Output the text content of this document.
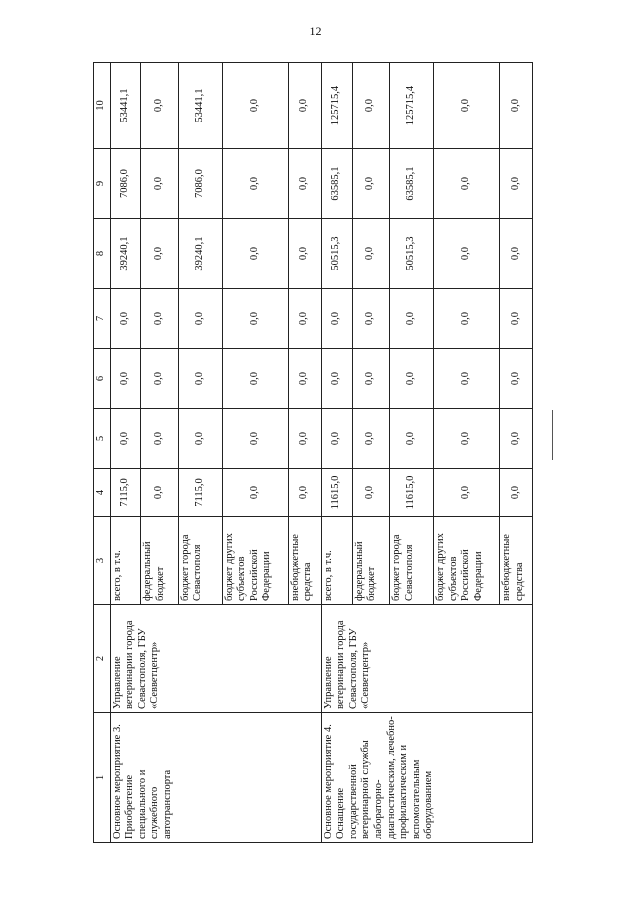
12
1	2	3	4	5	6	7	8	9	10
Основное мероприятие 3. Приобретение специального и служебного автотранспорта	Управление ветеринарии города Севастополя, ГБУ «Севветцентр»	всего, в т.ч.	7115,0	0,0	0,0	0,0	39240,1	7086,0	53441,1
		федеральный бюджет	0,0	0,0	0,0	0,0	0,0	0,0	0,0
		бюджет города Севастополя	7115,0	0,0	0,0	0,0	39240,1	7086,0	53441,1
		бюджет других субъектов Российской Федерации	0,0	0,0	0,0	0,0	0,0	0,0	0,0
		внебюджетные средства	0,0	0,0	0,0	0,0	0,0	0,0	0,0
Основное мероприятие 4. Оснащение государственной ветеринарной службы лабораторно-диагностическим, лечебно-профилактическим и вспомогательным оборудованием	Управление ветеринарии города Севастополя, ГБУ «Севветцентр»	всего, в т.ч.	11615,0	0,0	0,0	0,0	50515,3	63585,1	125715,4
		федеральный бюджет	0,0	0,0	0,0	0,0	0,0	0,0	0,0
		бюджет города Севастополя	11615,0	0,0	0,0	0,0	50515,3	63585,1	125715,4
		бюджет других субъектов Российской Федерации	0,0	0,0	0,0	0,0	0,0	0,0	0,0
		внебюджетные средства	0,0	0,0	0,0	0,0	0,0	0,0	0,0
